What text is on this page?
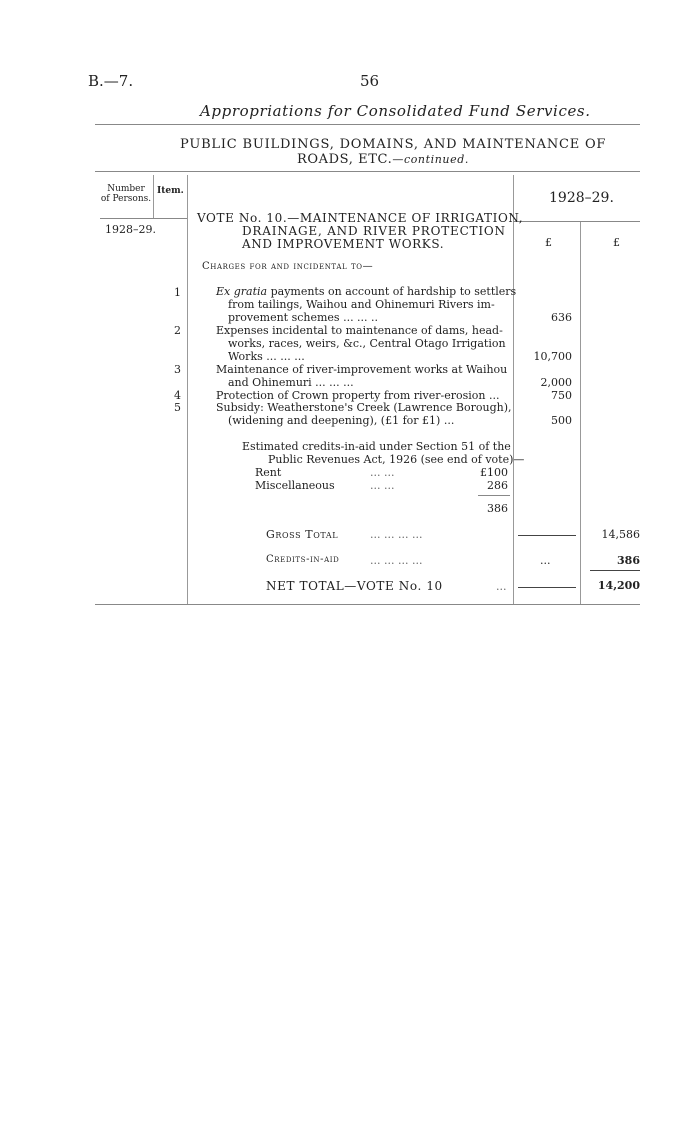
B.—7.	56
Appropriations for Consolidated Fund Services.
PUBLIC BUILDINGS, DOMAINS, AND MAINTENANCE OF
ROADS, ETC.—continued.
Number
of Persons.
Item.	1928–29.
1928–29.
£	£
VOTE No. 10.—MAINTENANCE OF IRRIGATION,
DRAINAGE, AND RIVER PROTECTION
AND IMPROVEMENT WORKS.
Charges for and incidental to—
1	Ex gratia payments on account of hardship to settlers
from tailings, Waihou and Ohinemuri Rivers im-
provement schemes ... ... ..	636
2	Expenses incidental to maintenance of dams, head-
works, races, weirs, &c., Central Otago Irrigation
Works ... ... ...	10,700
3	Maintenance of river-improvement works at Waihou
and Ohinemuri ... ... ...	2,000
4	Protection of Crown property from river-erosion ...	750
5	Subsidy: Weatherstone's Creek (Lawrence Borough),
(widening and deepening), (£1 for £1) ...	500
Estimated credits-in-aid under Section 51 of the
Public Revenues Act, 1926 (see end of vote)—
Rent	... ...	£100
Miscellaneous	... ...	286
386
Gross Total	... ... ... ...	14,586
Credits-in-aid	... ... ... ...	...	386
NET TOTAL—VOTE No. 10	...	14,200
